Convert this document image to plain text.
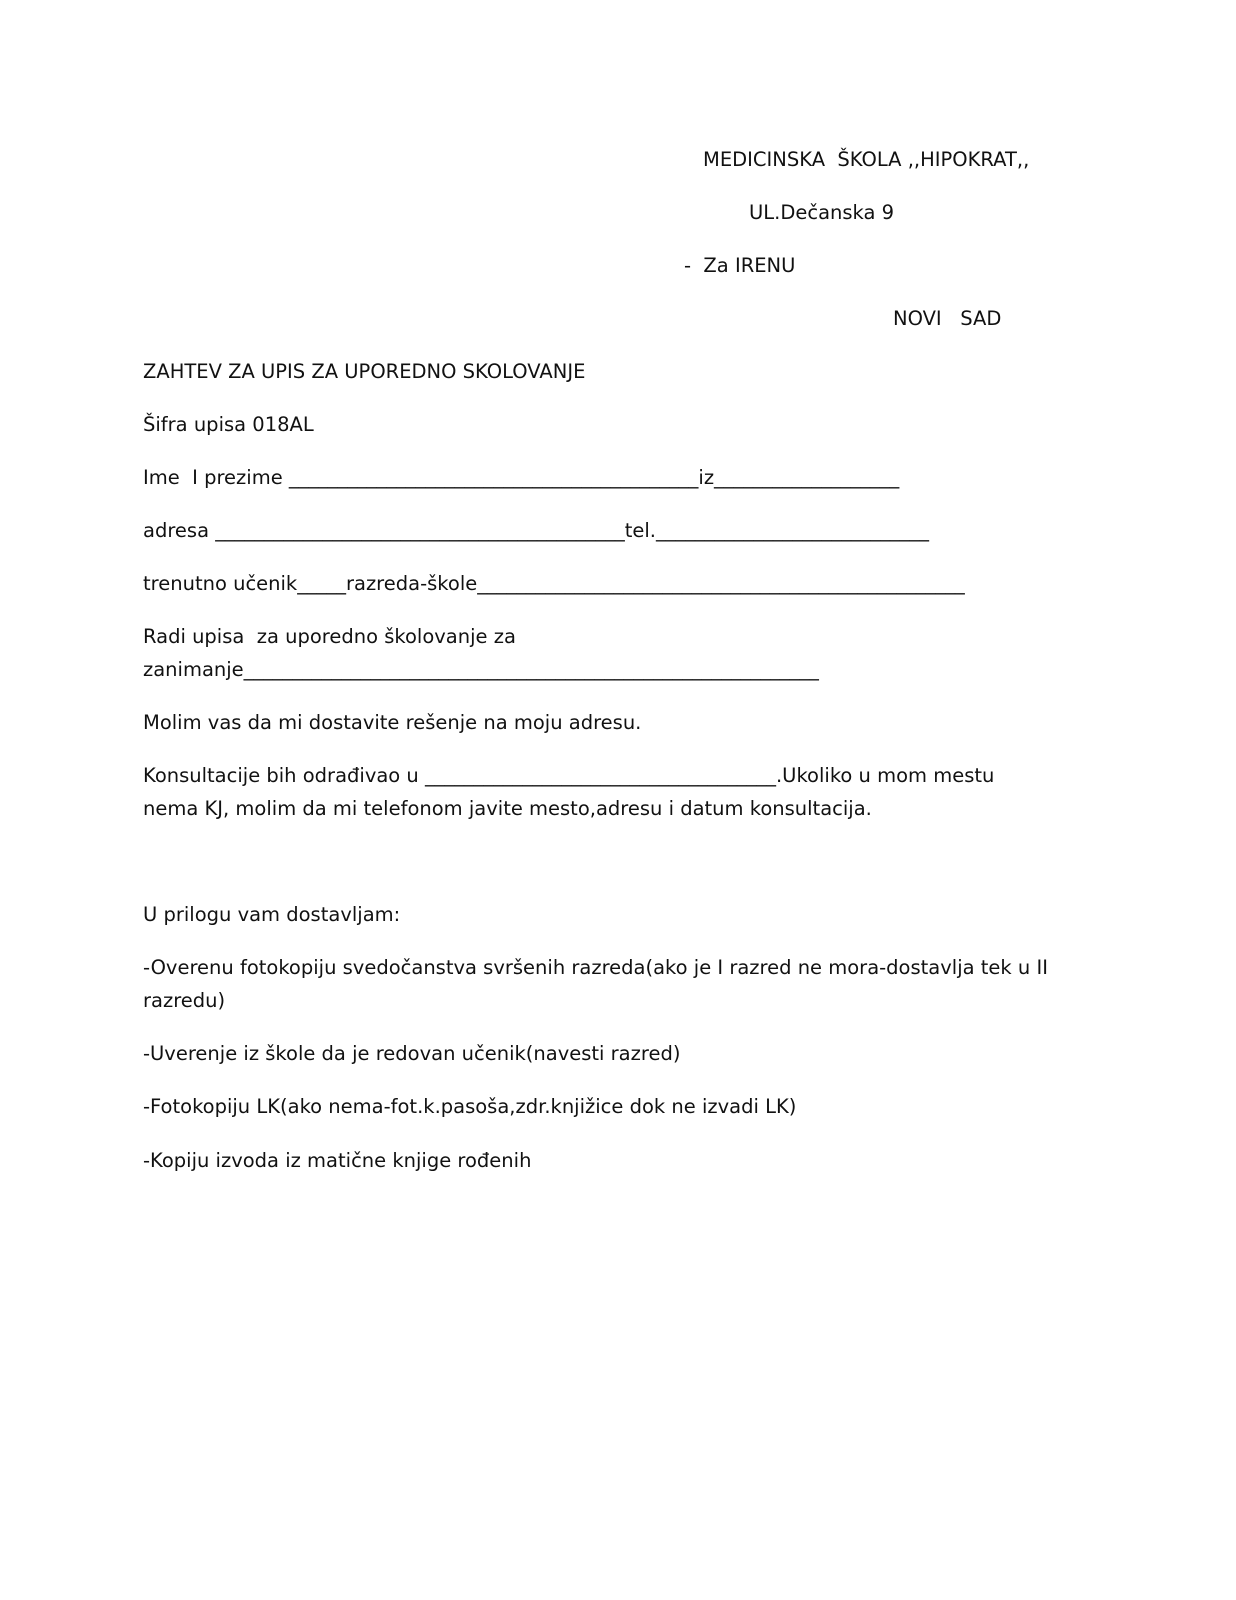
MEDICINSKA  ŠKOLA ,,HIPOKRAT,,

UL.Dečanska 9

-  Za IRENU

NOVI   SAD

ZAHTEV ZA UPIS ZA UPOREDNO SKOLOVANJE

Šifra upisa 018AL

Ime  I prezime __________________________________________iz___________________

adresa __________________________________________tel.____________________________

trenutno učenik_____razreda-škole__________________________________________________

Radi upisa  za uporedno školovanje za
zanimanje___________________________________________________________

Molim vas da mi dostavite rešenje na moju adresu.

Konsultacije bih odrađivao u ____________________________________.Ukoliko u mom mestu
nema KJ, molim da mi telefonom javite mesto,adresu i datum konsultacija.

U prilogu vam dostavljam:

-Overenu fotokopiju svedočanstva svršenih razreda(ako je I razred ne mora-dostavlja tek u II
razredu)

-Uverenje iz škole da je redovan učenik(navesti razred)

-Fotokopiju LK(ako nema-fot.k.pasoša,zdr.knjižice dok ne izvadi LK)

-Kopiju izvoda iz matične knjige rođenih
